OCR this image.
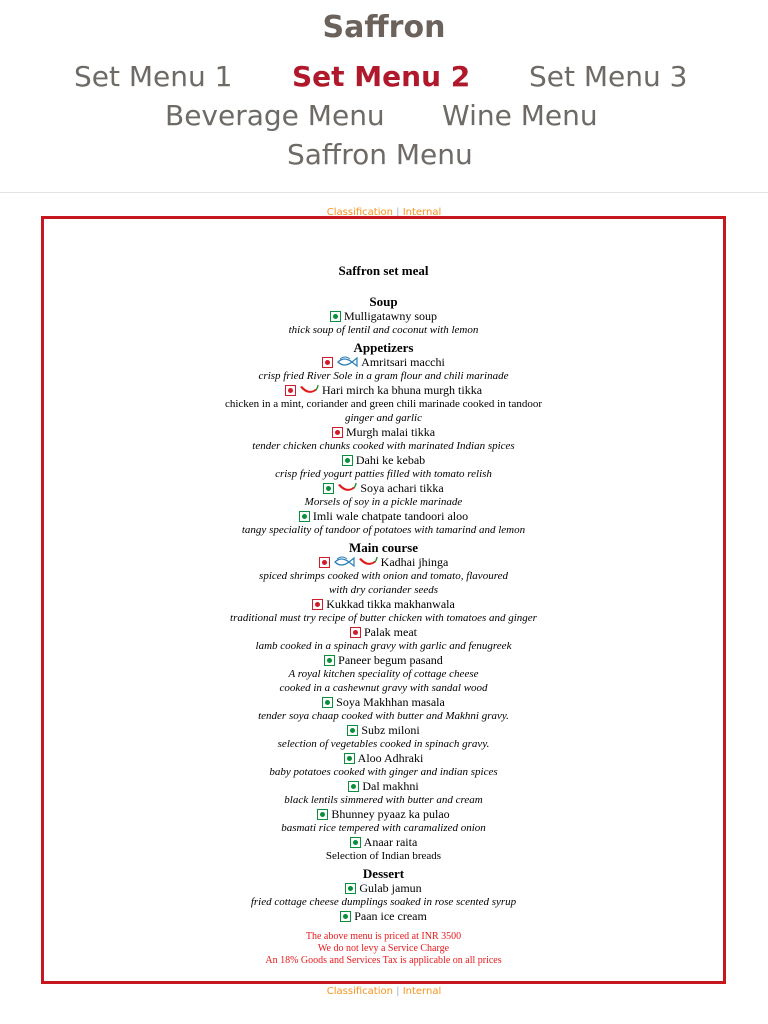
Saffron
Set Menu 1 Set Menu 2 Set Menu 3
Beverage Menu Wine Menu
Saffron Menu
Classification | Internal
Saffron set meal
Soup
Mulligatawny soup
thick soup of lentil and coconut with lemon
Appetizers
Amritsari macchi
crisp fried River Sole in a gram flour and chili marinade
Hari mirch ka bhuna murgh tikka
chicken in a mint, coriander and green chili marinade cooked in tandoor
ginger and garlic
Murgh malai tikka
tender chicken chunks cooked with marinated Indian spices
Dahi ke kebab
crisp fried yogurt patties filled with tomato relish
Soya achari tikka
Morsels of soy in a pickle marinade
Imli wale chatpate tandoori aloo
tangy speciality of tandoor of potatoes with tamarind and lemon
Main course
Kadhai jhinga
spiced shrimps cooked with onion and tomato, flavoured
with dry coriander seeds
Kukkad tikka makhanwala
traditional must try recipe of butter chicken with tomatoes and ginger
Palak meat
lamb cooked in a spinach gravy with garlic and fenugreek
Paneer begum pasand
A royal kitchen speciality of cottage cheese
cooked in a cashewnut gravy with sandal wood
Soya Makhhan masala
tender soya chaap cooked with butter and Makhni gravy.
Subz miloni
selection of vegetables cooked in spinach gravy.
Aloo Adhraki
baby potatoes cooked with ginger and indian spices
Dal makhni
black lentils simmered with butter and cream
Bhunney pyaaz ka pulao
basmati rice tempered with caramalized onion
Anaar raita
Selection of Indian breads
Dessert
Gulab jamun
fried cottage cheese dumplings soaked in rose scented syrup
Paan ice cream
The above menu is priced at INR 3500
We do not levy a Service Charge
An 18% Goods and Services Tax is applicable on all prices
Classification | Internal
